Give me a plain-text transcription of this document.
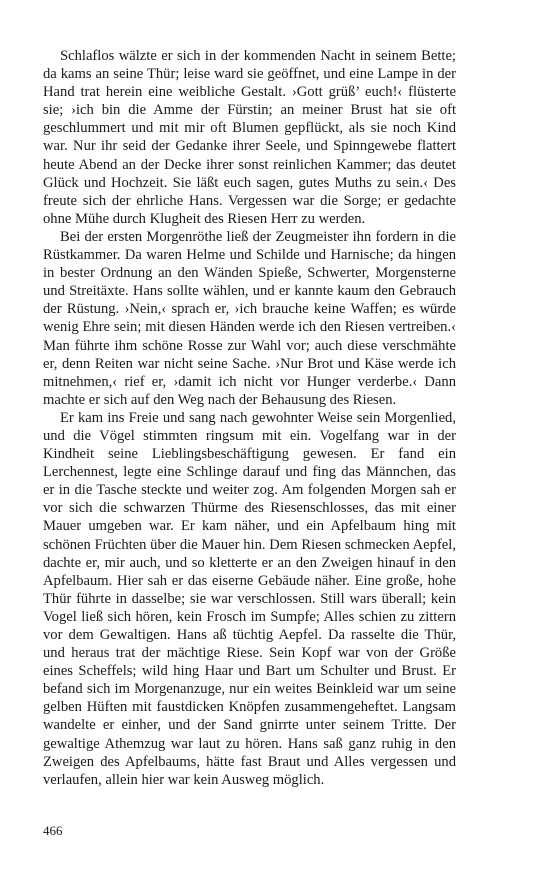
Schlaflos wälzte er sich in der kommenden Nacht in seinem Bette; da kams an seine Thür; leise ward sie geöffnet, und eine Lampe in der Hand trat herein eine weibliche Gestalt. ›Gott grüß’ euch!‹ flüsterte sie; ›ich bin die Amme der Fürstin; an meiner Brust hat sie oft geschlummert und mit mir oft Blumen gepflückt, als sie noch Kind war. Nur ihr seid der Gedanke ihrer Seele, und Spinngewebe flattert heute Abend an der Decke ihrer sonst reinlichen Kammer; das deutet Glück und Hochzeit. Sie läßt euch sagen, gutes Muths zu sein.‹ Des freute sich der ehrliche Hans. Vergessen war die Sorge; er gedachte ohne Mühe durch Klugheit des Riesen Herr zu werden.

Bei der ersten Morgenröthe ließ der Zeugmeister ihn fordern in die Rüstkammer. Da waren Helme und Schilde und Harnische; da hingen in bester Ordnung an den Wänden Spieße, Schwerter, Morgensterne und Streitäxte. Hans sollte wählen, und er kannte kaum den Gebrauch der Rüstung. ›Nein,‹ sprach er, ›ich brauche keine Waffen; es würde wenig Ehre sein; mit diesen Händen werde ich den Riesen vertreiben.‹ Man führte ihm schöne Rosse zur Wahl vor; auch diese verschmähte er, denn Reiten war nicht seine Sache. ›Nur Brot und Käse werde ich mitnehmen,‹ rief er, ›damit ich nicht vor Hunger verderbe.‹ Dann machte er sich auf den Weg nach der Behausung des Riesen.

Er kam ins Freie und sang nach gewohnter Weise sein Morgenlied, und die Vögel stimmten ringsum mit ein. Vogelfang war in der Kindheit seine Lieblingsbeschäftigung gewesen. Er fand ein Lerchennest, legte eine Schlinge darauf und fing das Männchen, das er in die Tasche steckte und weiter zog. Am folgenden Morgen sah er vor sich die schwarzen Thürme des Riesenschlosses, das mit einer Mauer umgeben war. Er kam näher, und ein Apfelbaum hing mit schönen Früchten über die Mauer hin. Dem Riesen schmecken Aepfel, dachte er, mir auch, und so kletterte er an den Zweigen hinauf in den Apfelbaum. Hier sah er das eiserne Gebäude näher. Eine große, hohe Thür führte in dasselbe; sie war verschlossen. Still wars überall; kein Vogel ließ sich hören, kein Frosch im Sumpfe; Alles schien zu zittern vor dem Gewaltigen. Hans aß tüchtig Aepfel. Da rasselte die Thür, und heraus trat der mächtige Riese. Sein Kopf war von der Größe eines Scheffels; wild hing Haar und Bart um Schulter und Brust. Er befand sich im Morgenanzuge, nur ein weites Beinkleid war um seine gelben Hüften mit faustdicken Knöpfen zusammengeheftet. Langsam wandelte er einher, und der Sand gnirrte unter seinem Tritte. Der gewaltige Athemzug war laut zu hören. Hans saß ganz ruhig in den Zweigen des Apfelbaums, hätte fast Braut und Alles vergessen und verlaufen, allein hier war kein Ausweg möglich.

466
